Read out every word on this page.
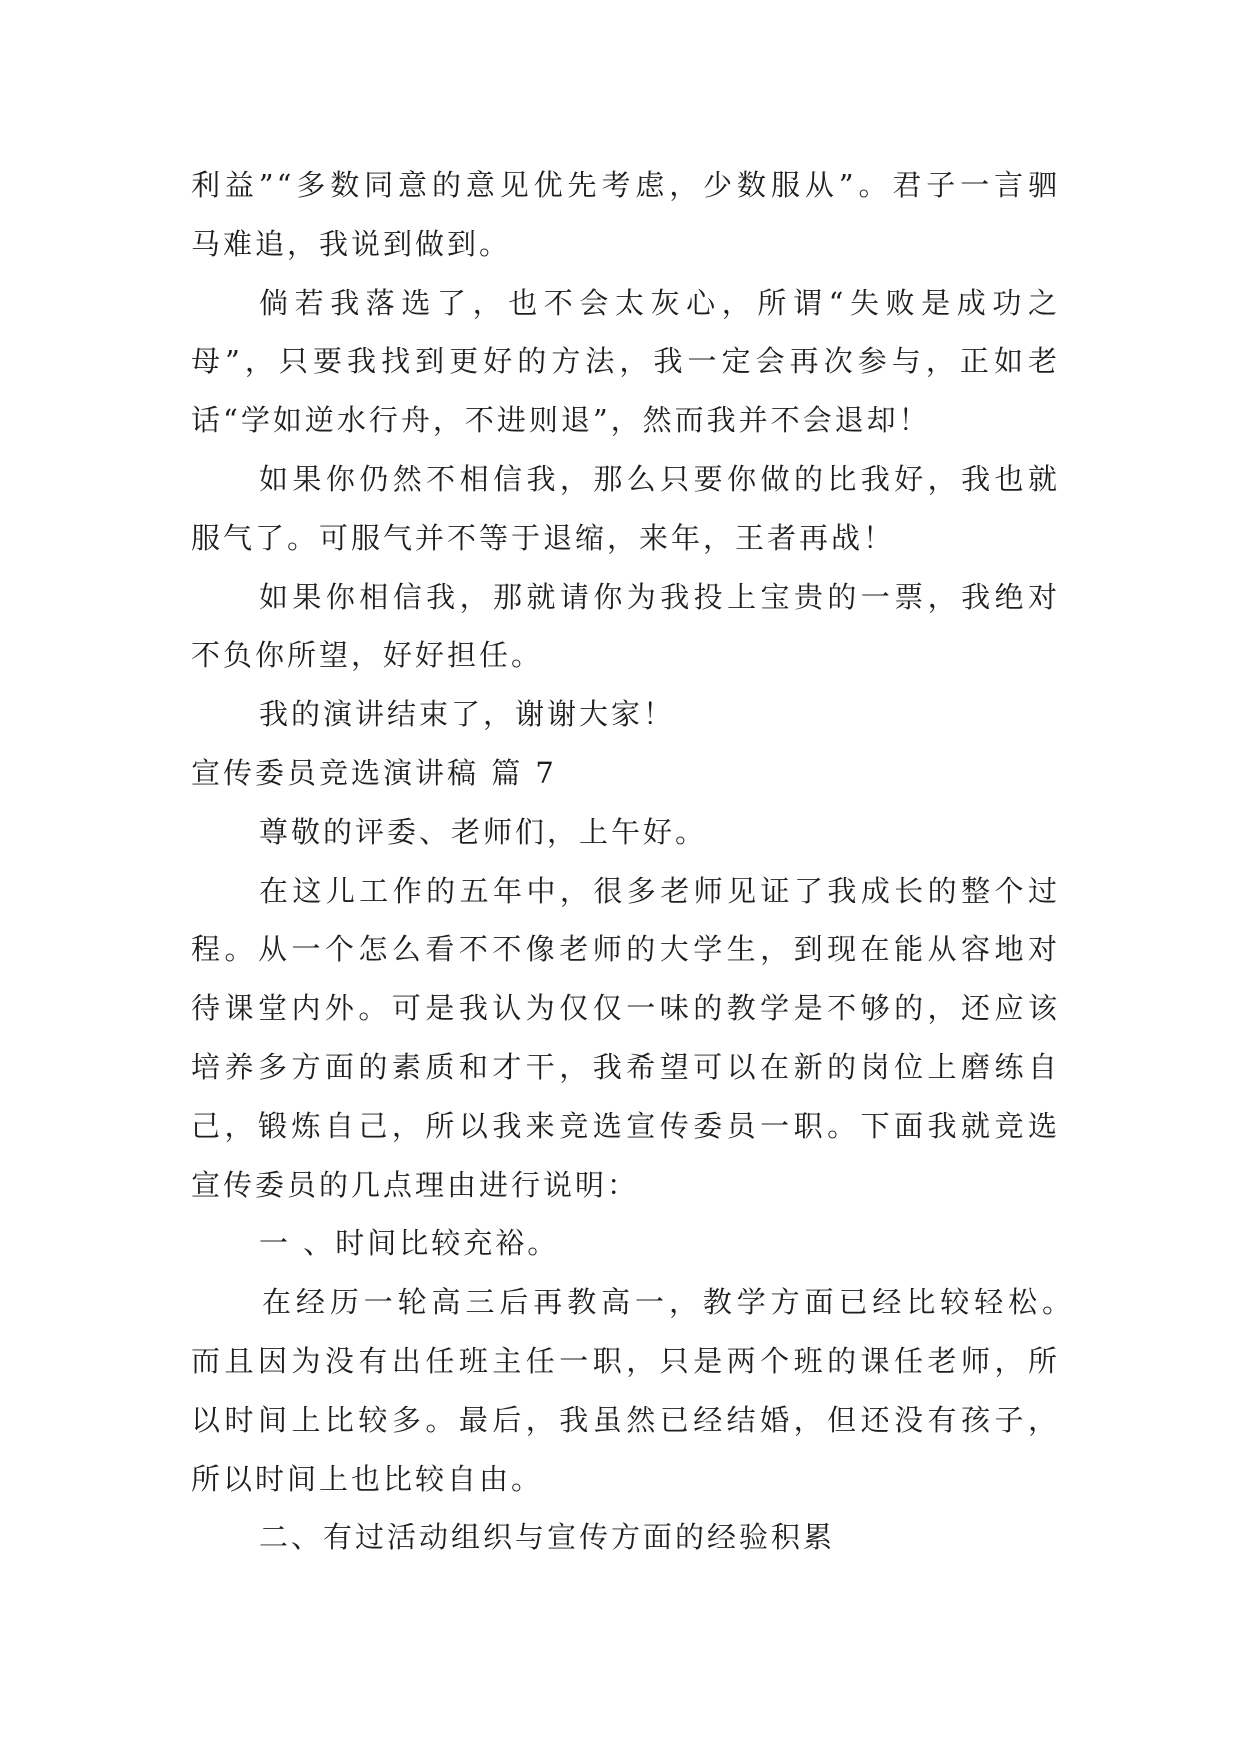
利益”“多数同意的意见优先考虑，少数服从”。君子一言驷
马难追，我说到做到。
倘若我落选了，也不会太灰心，所谓“失败是成功之
母”，只要我找到更好的方法，我一定会再次参与，正如老
话“学如逆水行舟，不进则退”，然而我并不会退却！
如果你仍然不相信我，那么只要你做的比我好，我也就
服气了。可服气并不等于退缩，来年，王者再战！
如果你相信我，那就请你为我投上宝贵的一票，我绝对
不负你所望，好好担任。
我的演讲结束了，谢谢大家！
宣传委员竞选演讲稿 篇 7
尊敬的评委、老师们，上午好。
在这儿工作的五年中，很多老师见证了我成长的整个过
程。从一个怎么看不不像老师的大学生，到现在能从容地对
待课堂内外。可是我认为仅仅一味的教学是不够的，还应该
培养多方面的素质和才干，我希望可以在新的岗位上磨练自
己，锻炼自己，所以我来竞选宣传委员一职。下面我就竞选
宣传委员的几点理由进行说明：
一 、时间比较充裕。
在经历一轮高三后再教高一，教学方面已经比较轻松。
而且因为没有出任班主任一职，只是两个班的课任老师，所
以时间上比较多。最后，我虽然已经结婚，但还没有孩子，
所以时间上也比较自由。
二、有过活动组织与宣传方面的经验积累
